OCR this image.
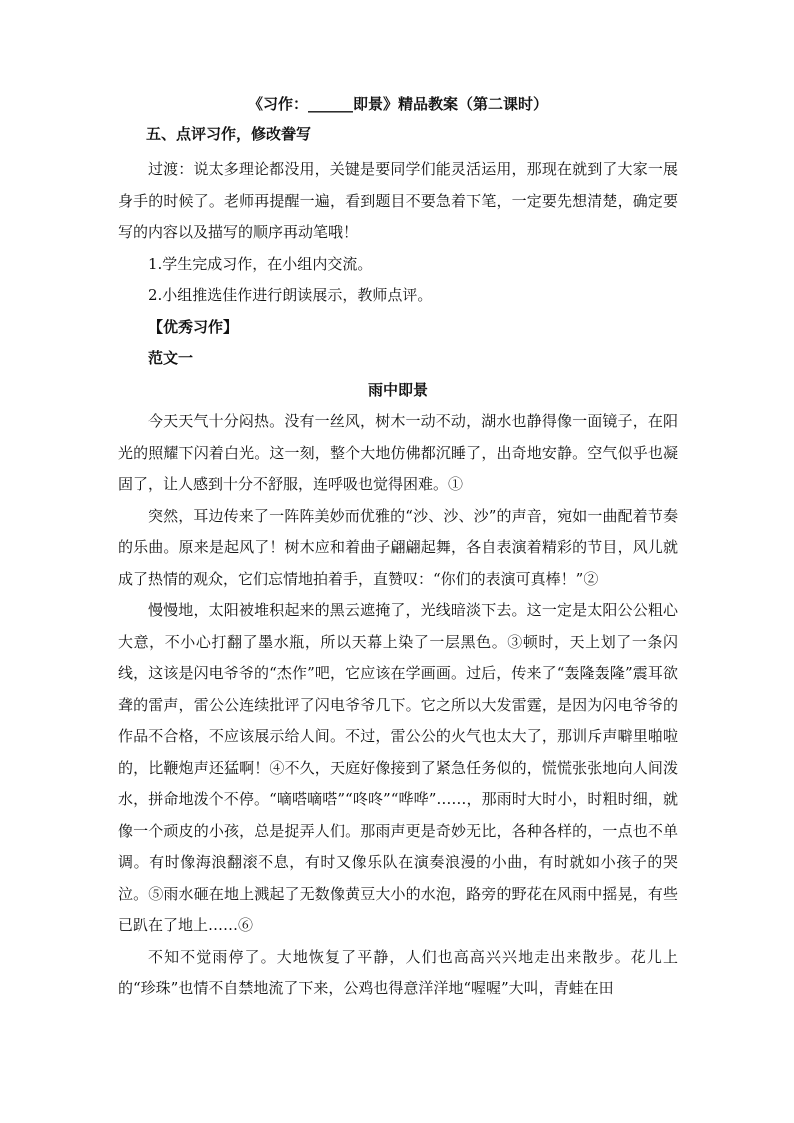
《习作：______即景》精品教案（第二课时）
五、点评习作，修改誊写

过渡：说太多理论都没用，关键是要同学们能灵活运用，那现在就到了大家一展身手的时候了。老师再提醒一遍，看到题目不要急着下笔，一定要先想清楚，确定要写的内容以及描写的顺序再动笔哦！

1.学生完成习作，在小组内交流。

2.小组推选佳作进行朗读展示，教师点评。

【优秀习作】

范文一

雨中即景

今天天气十分闷热。没有一丝风，树木一动不动，湖水也静得像一面镜子，在阳光的照耀下闪着白光。这一刻，整个大地仿佛都沉睡了，出奇地安静。空气似乎也凝固了，让人感到十分不舒服，连呼吸也觉得困难。①

突然，耳边传来了一阵阵美妙而优雅的“沙、沙、沙”的声音，宛如一曲配着节奏的乐曲。原来是起风了！树木应和着曲子翩翩起舞，各自表演着精彩的节目，风儿就成了热情的观众，它们忘情地拍着手，直赞叹：“你们的表演可真棒！”②

慢慢地，太阳被堆积起来的黑云遮掩了，光线暗淡下去。这一定是太阳公公粗心大意，不小心打翻了墨水瓶，所以天幕上染了一层黑色。③顿时，天上划了一条闪线，这该是闪电爷爷的“杰作”吧，它应该在学画画。过后，传来了“轰隆轰隆”震耳欲聋的雷声，雷公公连续批评了闪电爷爷几下。它之所以大发雷霆，是因为闪电爷爷的作品不合格，不应该展示给人间。不过，雷公公的火气也太大了，那训斥声噼里啪啦的，比鞭炮声还猛啊！④不久，天庭好像接到了紧急任务似的，慌慌张张地向人间泼水，拼命地泼个不停。“嘀嗒嘀嗒”“咚咚”“哗哗”……，那雨时大时小，时粗时细，就像一个顽皮的小孩，总是捉弄人们。那雨声更是奇妙无比，各种各样的，一点也不单调。有时像海浪翻滚不息，有时又像乐队在演奏浪漫的小曲，有时就如小孩子的哭泣。⑤雨水砸在地上溅起了无数像黄豆大小的水泡，路旁的野花在风雨中摇晃，有些已趴在了地上……⑥

不知不觉雨停了。大地恢复了平静，人们也高高兴兴地走出来散步。花儿上的“珍珠”也情不自禁地流了下来，公鸡也得意洋洋地“喔喔”大叫，青蛙在田
